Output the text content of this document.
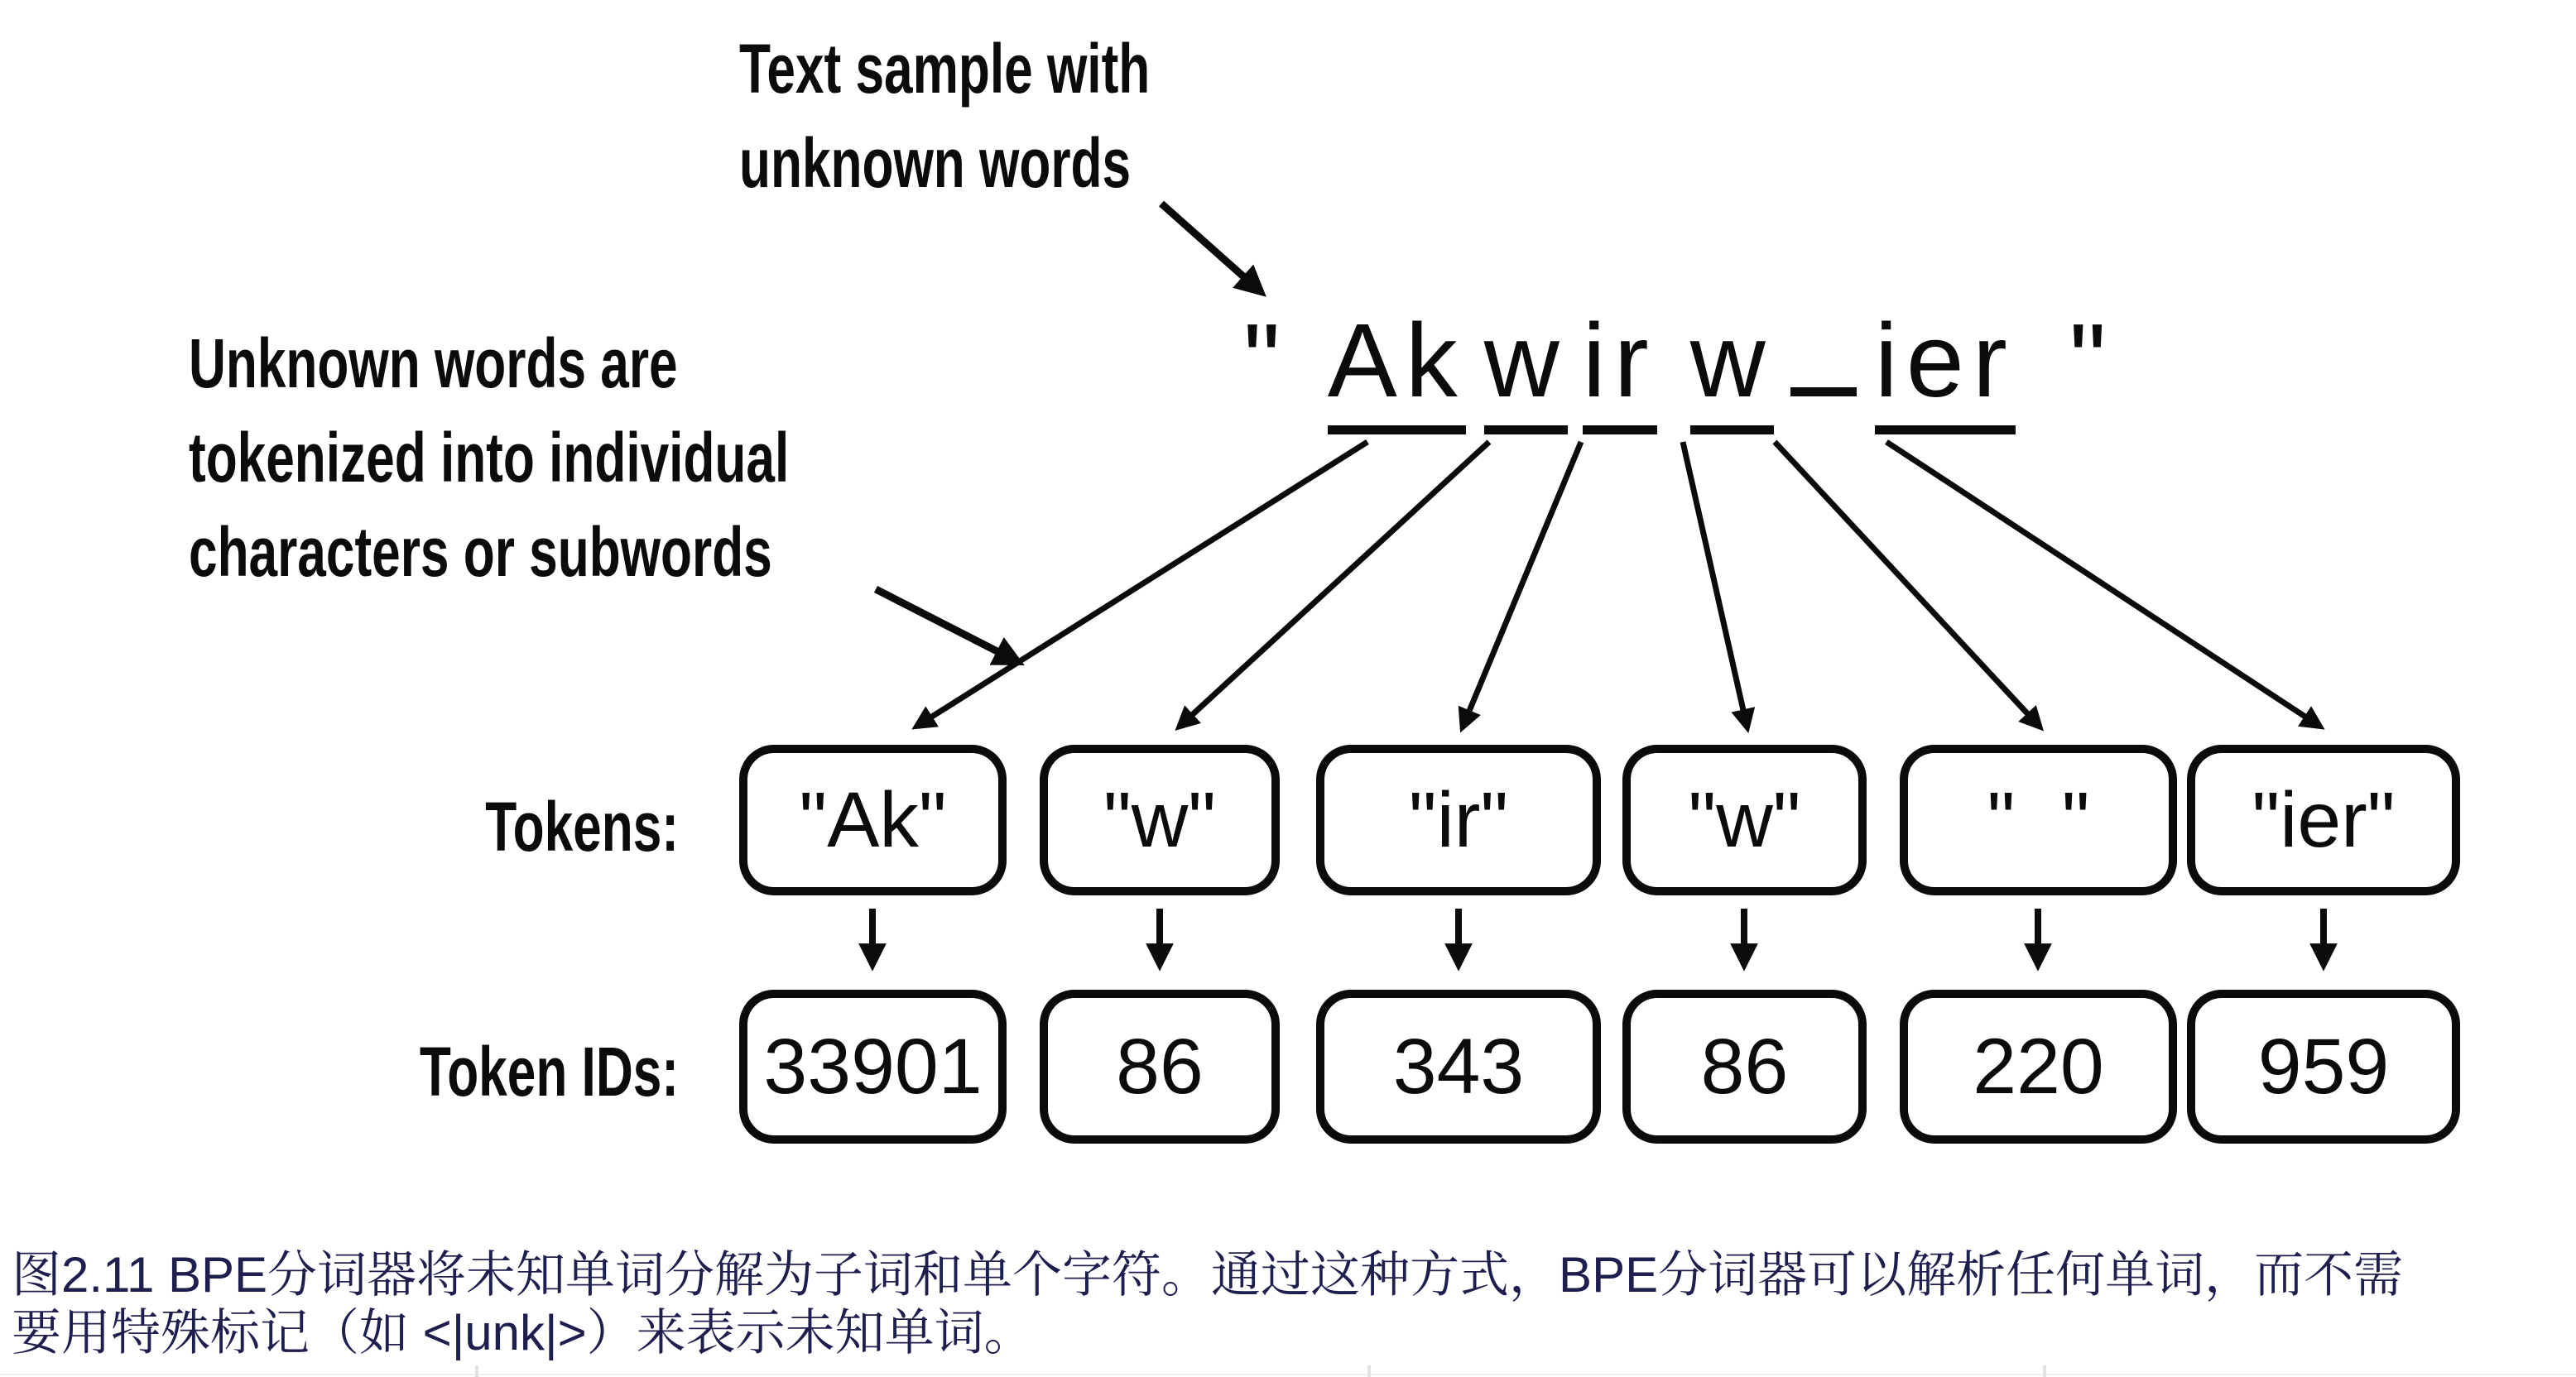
Text sample with unknown words
Unknown words are tokenized into individual characters or subwords
" Ak w ir w ier "
Tokens:
Token IDs:
"Ak"	"w"	"ir"	"w"	" "	"ier"
33901	86	343	86	220	959
图2.11 BPE分词器将未知单词分解为子词和单个字符。通过这种方式，BPE分词器可以解析任何单词，而不需
要用特殊标记（如 <|unk|>）来表示未知单词。
